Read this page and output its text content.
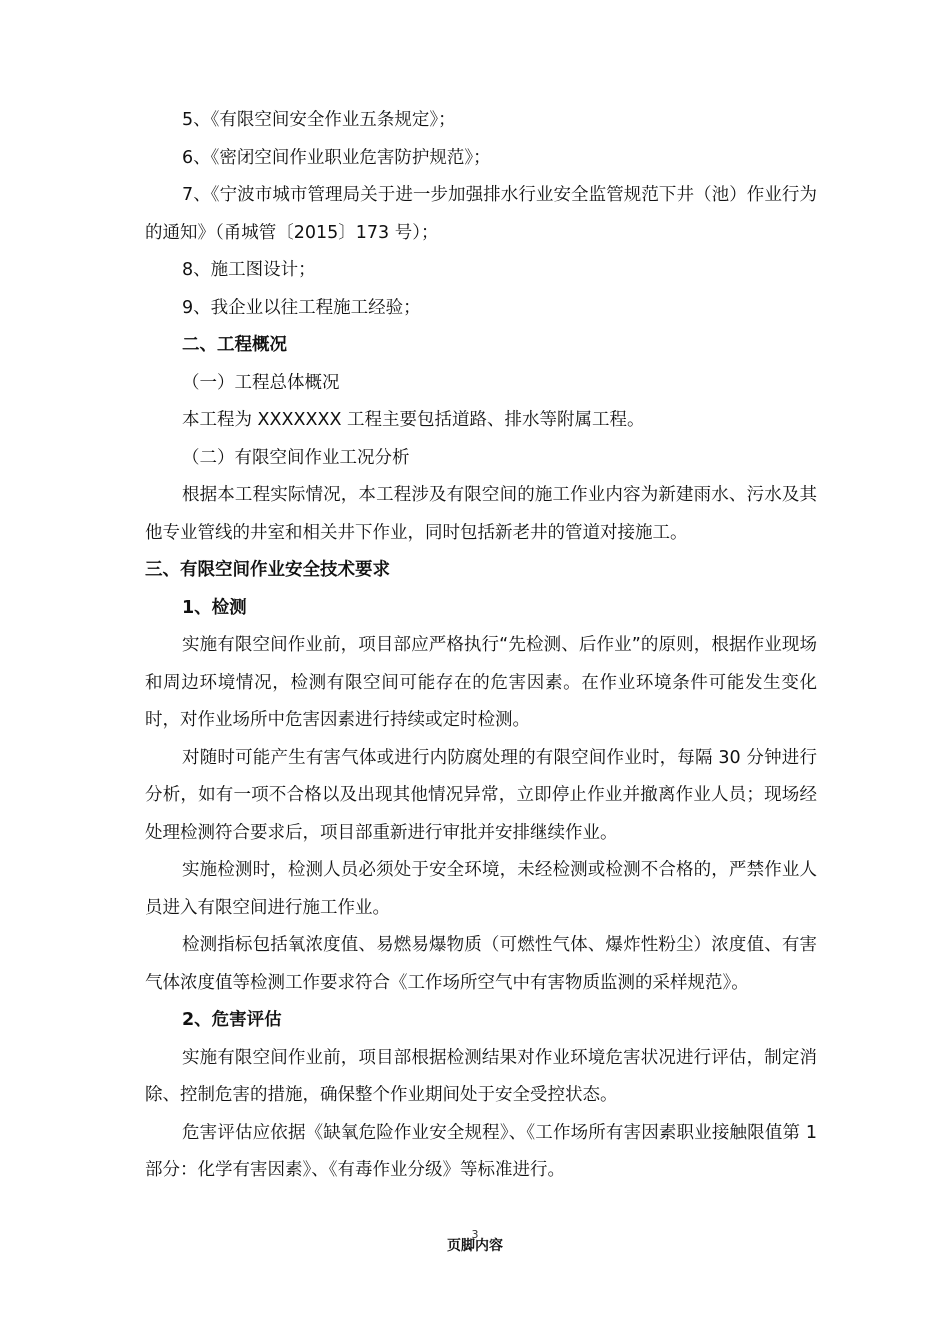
5、《有限空间安全作业五条规定》；

6、《密闭空间作业职业危害防护规范》；

7、《宁波市城市管理局关于进一步加强排水行业安全监管规范下井（池）作业行为的通知》（甬城管〔2015〕173 号）；

8、施工图设计；

9、我企业以往工程施工经验；

二、工程概况

（一）工程总体概况

本工程为 XXXXXXX 工程主要包括道路、排水等附属工程。

（二）有限空间作业工况分析

根据本工程实际情况，本工程涉及有限空间的施工作业内容为新建雨水、污水及其他专业管线的井室和相关井下作业，同时包括新老井的管道对接施工。

三、有限空间作业安全技术要求

1、检测

实施有限空间作业前，项目部应严格执行“先检测、后作业”的原则，根据作业现场和周边环境情况，检测有限空间可能存在的危害因素。在作业环境条件可能发生变化时，对作业场所中危害因素进行持续或定时检测。

对随时可能产生有害气体或进行内防腐处理的有限空间作业时，每隔 30 分钟进行分析，如有一项不合格以及出现其他情况异常，立即停止作业并撤离作业人员；现场经处理检测符合要求后，项目部重新进行审批并安排继续作业。

实施检测时，检测人员必须处于安全环境，未经检测或检测不合格的，严禁作业人员进入有限空间进行施工作业。

检测指标包括氧浓度值、易燃易爆物质（可燃性气体、爆炸性粉尘）浓度值、有害气体浓度值等检测工作要求符合《工作场所空气中有害物质监测的采样规范》。

2、危害评估

实施有限空间作业前，项目部根据检测结果对作业环境危害状况进行评估，制定消除、控制危害的措施，确保整个作业期间处于安全受控状态。

危害评估应依据《缺氧危险作业安全规程》、《工作场所有害因素职业接触限值第 1 部分：化学有害因素》、《有毒作业分级》等标准进行。

3
页脚内容
